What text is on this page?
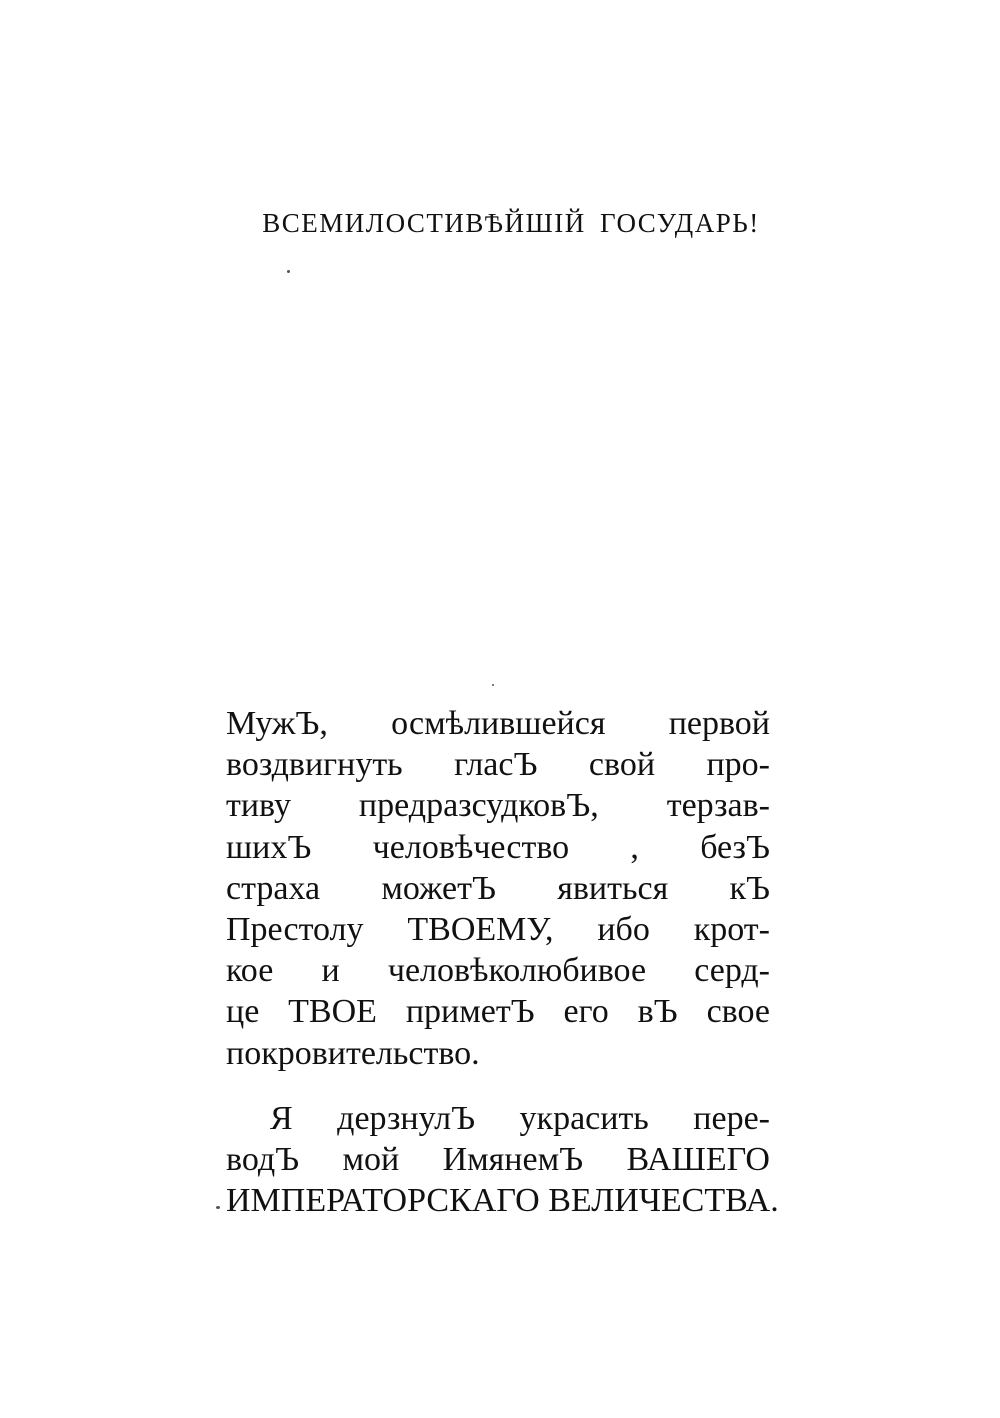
ВСЕМИЛОСТИВѢЙШІЙ ГОСУДАРЬ!
МужЪ, осмѣлившейся первой
воздвигнуть гласЪ свой про-
тиву предразсудковЪ, терзав-
шихЪ человѣчество , безЪ
страха можетЪ явиться кЪ
Престолу ТВОЕМУ, ибо крот-
кое и человѣколюбивое серд-
це ТВОЕ приметЪ его вЪ свое
покровительство.
Я дерзнулЪ украсить пере-
водЪ мой ИмянемЪ ВАШЕГО
ИМПЕРАТОРСКАГО ВЕЛИЧЕСТВА.
